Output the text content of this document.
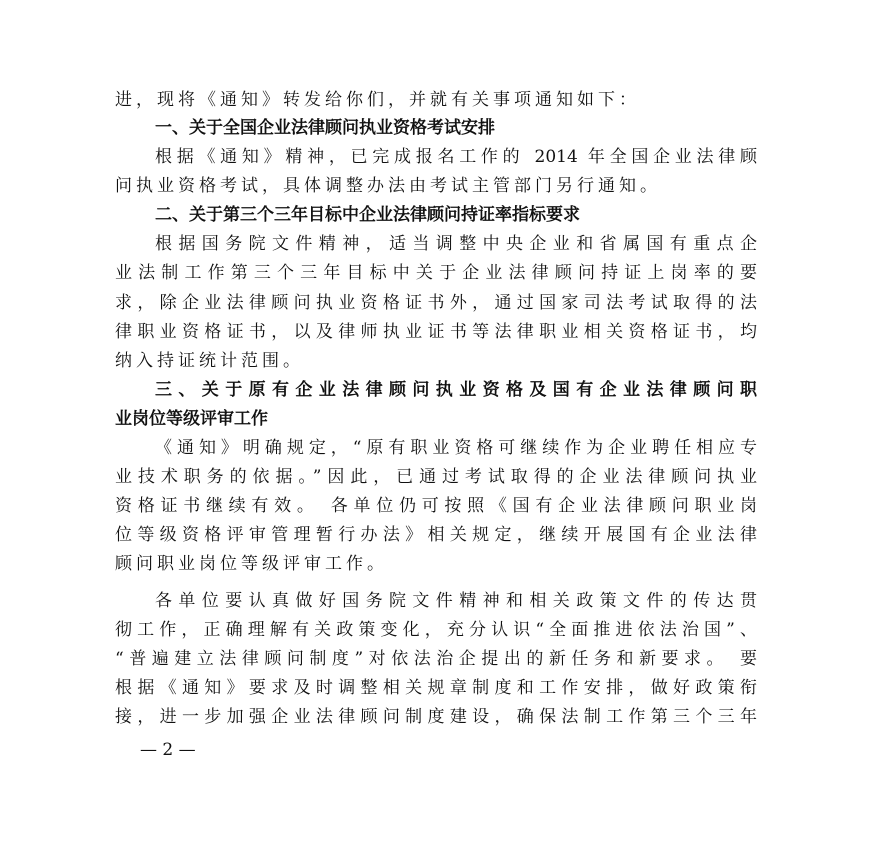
进，现将《通知》转发给你们，并就有关事项通知如下：
一、关于全国企业法律顾问执业资格考试安排
根据《通知》精神，已完成报名工作的 2014 年全国企业法律顾
问执业资格考试，具体调整办法由考试主管部门另行通知。
二、关于第三个三年目标中企业法律顾问持证率指标要求
根据国务院文件精神，适当调整中央企业和省属国有重点企
业法制工作第三个三年目标中关于企业法律顾问持证上岗率的要
求，除企业法律顾问执业资格证书外，通过国家司法考试取得的法
律职业资格证书，以及律师执业证书等法律职业相关资格证书，均
纳入持证统计范围。
三、关于原有企业法律顾问执业资格及国有企业法律顾问职
业岗位等级评审工作
《通知》明确规定，“原有职业资格可继续作为企业聘任相应专
业技术职务的依据。”因此，已通过考试取得的企业法律顾问执业
资格证书继续有效。 各单位仍可按照《国有企业法律顾问职业岗
位等级资格评审管理暂行办法》相关规定，继续开展国有企业法律
顾问职业岗位等级评审工作。
各单位要认真做好国务院文件精神和相关政策文件的传达贯
彻工作，正确理解有关政策变化，充分认识“全面推进依法治国”、
“普遍建立法律顾问制度”对依法治企提出的新任务和新要求。 要
根据《通知》要求及时调整相关规章制度和工作安排，做好政策衔
接，进一步加强企业法律顾问制度建设，确保法制工作第三个三年
— 2 —
